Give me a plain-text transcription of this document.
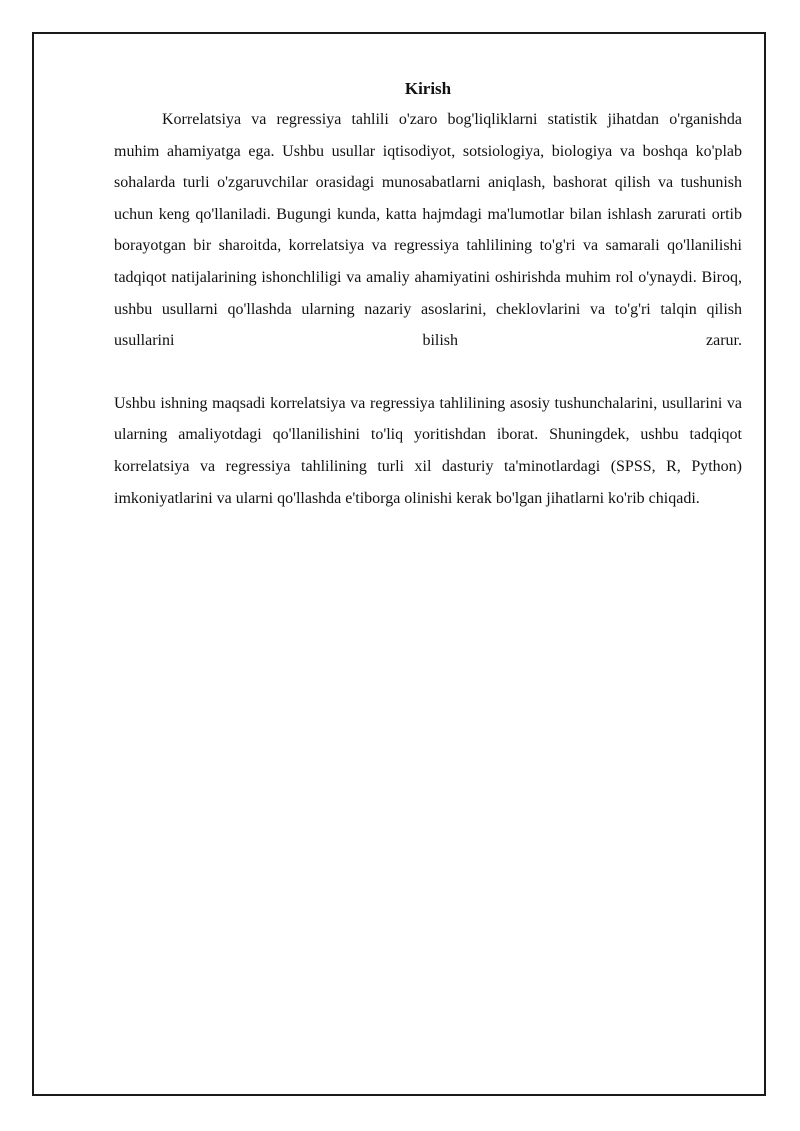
Kirish

Korrelatsiya va regressiya tahlili o'zaro bog'liqliklarni statistik jihatdan o'rganishda muhim ahamiyatga ega. Ushbu usullar iqtisodiyot, sotsiologiya, biologiya va boshqa ko'plab sohalarda turli o'zgaruvchilar orasidagi munosabatlarni aniqlash, bashorat qilish va tushunish uchun keng qo'llaniladi. Bugungi kunda, katta hajmdagi ma'lumotlar bilan ishlash zarurati ortib borayotgan bir sharoitda, korrelatsiya va regressiya tahlilining to'g'ri va samarali qo'llanilishi tadqiqot natijalarining ishonchliligi va amaliy ahamiyatini oshirishda muhim rol o'ynaydi. Biroq, ushbu usullarni qo'llashda ularning nazariy asoslarini, cheklovlarini va to'g'ri talqin qilish usullarini bilish zarur.

Ushbu ishning maqsadi korrelatsiya va regressiya tahlilining asosiy tushunchalarini, usullarini va ularning amaliyotdagi qo'llanilishini to'liq yoritishdan iborat. Shuningdek, ushbu tadqiqot korrelatsiya va regressiya tahlilining turli xil dasturiy ta'minotlardagi (SPSS, R, Python) imkoniyatlarini va ularni qo'llashda e'tiborga olinishi kerak bo'lgan jihatlarni ko'rib chiqadi.
